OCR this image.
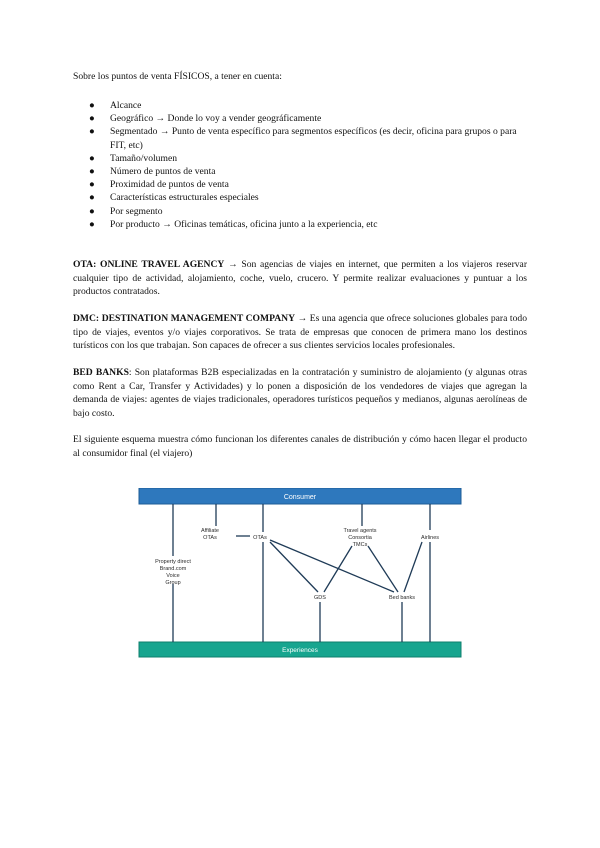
Sobre los puntos de venta FÍSICOS, a tener en cuenta:
● Alcance
● Geográfico → Donde lo voy a vender geográficamente
● Segmentado → Punto de venta específico para segmentos específicos (es decir, oficina para grupos o para FIT, etc)
● Tamaño/volumen
● Número de puntos de venta
● Proximidad de puntos de venta
● Características estructurales especiales
● Por segmento
● Por producto → Oficinas temáticas, oficina junto a la experiencia, etc
OTA: ONLINE TRAVEL AGENCY → Son agencias de viajes en internet, que permiten a los viajeros reservar cualquier tipo de actividad, alojamiento, coche, vuelo, crucero. Y permite realizar evaluaciones y puntuar a los productos contratados.
DMC: DESTINATION MANAGEMENT COMPANY → Es una agencia que ofrece soluciones globales para todo tipo de viajes, eventos y/o viajes corporativos. Se trata de empresas que conocen de primera mano los destinos turísticos con los que trabajan. Son capaces de ofrecer a sus clientes servicios locales profesionales.
BED BANKS: Son plataformas B2B especializadas en la contratación y suministro de alojamiento (y algunas otras como Rent a Car, Transfer y Actividades) y lo ponen a disposición de los vendedores de viajes que agregan la demanda de viajes: agentes de viajes tradicionales, operadores turísticos pequeños y medianos, algunas aerolíneas de bajo costo.
El siguiente esquema muestra cómo funcionan los diferentes canales de distribución y cómo hacen llegar el producto al consumidor final (el viajero)
Consumer
Experiences
Property direct
Brand.com
Voice
Group
Affiliate
OTAs	OTAs
Travel agents
Consortia
TMCs
Airlines
GDS	Bed banks
